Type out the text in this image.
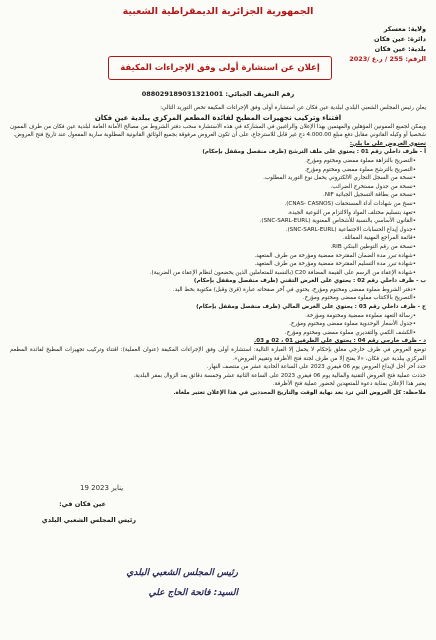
الجمهورية الجزائرية الديمقراطية الشعبية
ولاية: معسكر
دائرة: عين فكان
بلدية: عين فكان
الرقم: 255 / ر.ع /2023
إعلان عن استشارة أولى وفق الإجراءات المكيفة
رقم التعريف الجبائي: 088029189031321001

يعلن رئيس المجلس الشعبي البلدي لبلدية عين فكان عن استشارة أولى وفق الإجراءات المكيفة تخص التوريد التالي:

اقتناء وتركيب تجهيزات المطبخ لفائدة المطعم المركزي ببلدية عين فكان

ويمكن لجميع الممونين المؤهلين والمهتمين بهذا الإعلان والراغبين في المشاركة في هذه الاستشارة سحب دفتر الشروط من مصالح الأمانة العامة لبلدية عين فكان من طرف الممون شخصيا أو وكيله القانوني مقابل دفع مبلغ 4.000.00 دج غير قابل للاسترجاع، على أن تكون العروض مرفوقة بجميع الوثائق القانونية المطلوبة سارية المفعول عند تاريخ فتح العروض.

تحتوي العروض على ما يلي:

أ - ظرف داخلي رقم 01 : يحتوي على ملف الترشح (ظرف منفصل ومقفل بإحكام)

• التصريح بالنزاهة مملوء ممضى ومختوم ومؤرخ.
• التصريح بالترشح مملوء ممضى ومختوم ومؤرخ.
• نسخة من السجل التجاري الالكتروني يحمل نوع التوريد المطلوب.
• نسخة من جدول مستخرج الضرائب.
• نسخة من بطاقة التسجيل الجبائية NIF.
• نسخ من شهادات أداء المستحقات (CNAS- CASNOS).
• تعهد بتسليم مختلف المواد والالتزام من النوعية الجيدة.
• القانون الأساسي بالنسبة للأشخاص المعنوية (SNC-SARL-EURL).
• جدول إيداع الحسابات الاجتماعية (SNC-SARL-EURL).
• قائمة المراجع المهنية المماثلة.
• نسخة من رقم التوطين البنكي RIB.
• شهادة تبرر مدة الضمان المقترحة ممضية ومؤرخة من طرف المتعهد.
• شهادة تبرر مدة التسليم المقترحة ممضية ومؤرخة من طرف المتعهد.
• شهادة الإعفاء من الرسم على القيمة المضافة C20 (بالنسبة للمتعاملين الذين يخضعون لنظام الإعفاء من الضريبة).

ب - ظرف داخلي رقم 02 : يحتوي على العرض التقني (ظرف منفصل ومقفل بإحكام)

• دفتر الشروط مملوء ممضى ومختوم ومؤرخ، يحتوي في آخر صفحاته عبارة (قرئ وقبل) مكتوبة بخط اليد.
• التصريح بالاكتتاب مملوء ممضى ومختوم ومؤرخ.

ج - ظرف داخلي رقم 03 : يحتوي على العرض المالي (ظرف منفصل ومقفل بإحكام)

• رسالة التعهد مملوءة ممضية ومختومة ومؤرخة.
• جدول الأسعار الوحدوية مملوء ممضى ومختوم ومؤرخ.
• الكشف الكمي والتقديري مملوء ممضى ومختوم ومؤرخ.

د - ظرف خارجي رقم 04 : يحتوي على الظرفين 01 ، 02 و 03.

توضع العروض في ظرف خارجي مغلق بإحكام لا يحمل إلا العبارة التالية: استشارة أولى وفق الإجراءات المكيفة (عنوان العملية): اقتناء وتركيب تجهيزات المطبخ لفائدة المطعم المركزي ببلدية عين فكان، «لا يفتح إلا من طرف لجنة فتح الأظرفة وتقييم العروض».

حدد آخر أجل لإيداع العروض يوم 06 فيفري 2023 على الساعة الحادية عشر من منتصف النهار.

حددت عملية فتح العروض التقنية والمالية يوم 06 فيفري 2023 على الساعة الثانية عشر وخمسة دقائق بعد الزوال بمقر البلدية.

يعتبر هذا الإعلان بمثابة دعوة للمتعهدين لحضور عملية فتح الأظرفة.

ملاحظة: كل العروض التي ترد بعد نهاية الوقت والتاريخ المحددين في هذا الإعلان تعتبر ملغاة.

عين فكان في:
19 يناير 2023
رئيس المجلس الشعبي البلدي
رئيس المجلس الشعبي البلدي
السيد: فاتحة الحاج علي
